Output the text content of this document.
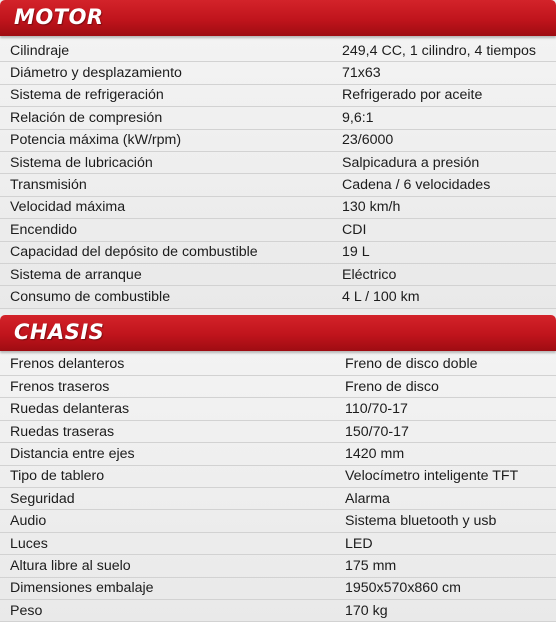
MOTOR
Cilindraje	249,4 CC, 1 cilindro, 4 tiempos
Diámetro y desplazamiento	71x63
Sistema de refrigeración	Refrigerado por aceite
Relación de compresión	9,6:1
Potencia máxima (kW/rpm)	23/6000
Sistema de lubricación	Salpicadura a presión
Transmisión	Cadena / 6 velocidades
Velocidad máxima	130 km/h
Encendido	CDI
Capacidad del depósito de combustible	19 L
Sistema de arranque	Eléctrico
Consumo de combustible	4 L / 100 km
CHASIS
Frenos delanteros	Freno de disco doble
Frenos traseros	Freno de disco
Ruedas delanteras	110/70-17
Ruedas traseras	150/70-17
Distancia entre ejes	1420 mm
Tipo de tablero	Velocímetro inteligente TFT
Seguridad	Alarma
Audio	Sistema bluetooth y usb
Luces	LED
Altura libre al suelo	175 mm
Dimensiones embalaje	1950x570x860 cm
Peso	170 kg
